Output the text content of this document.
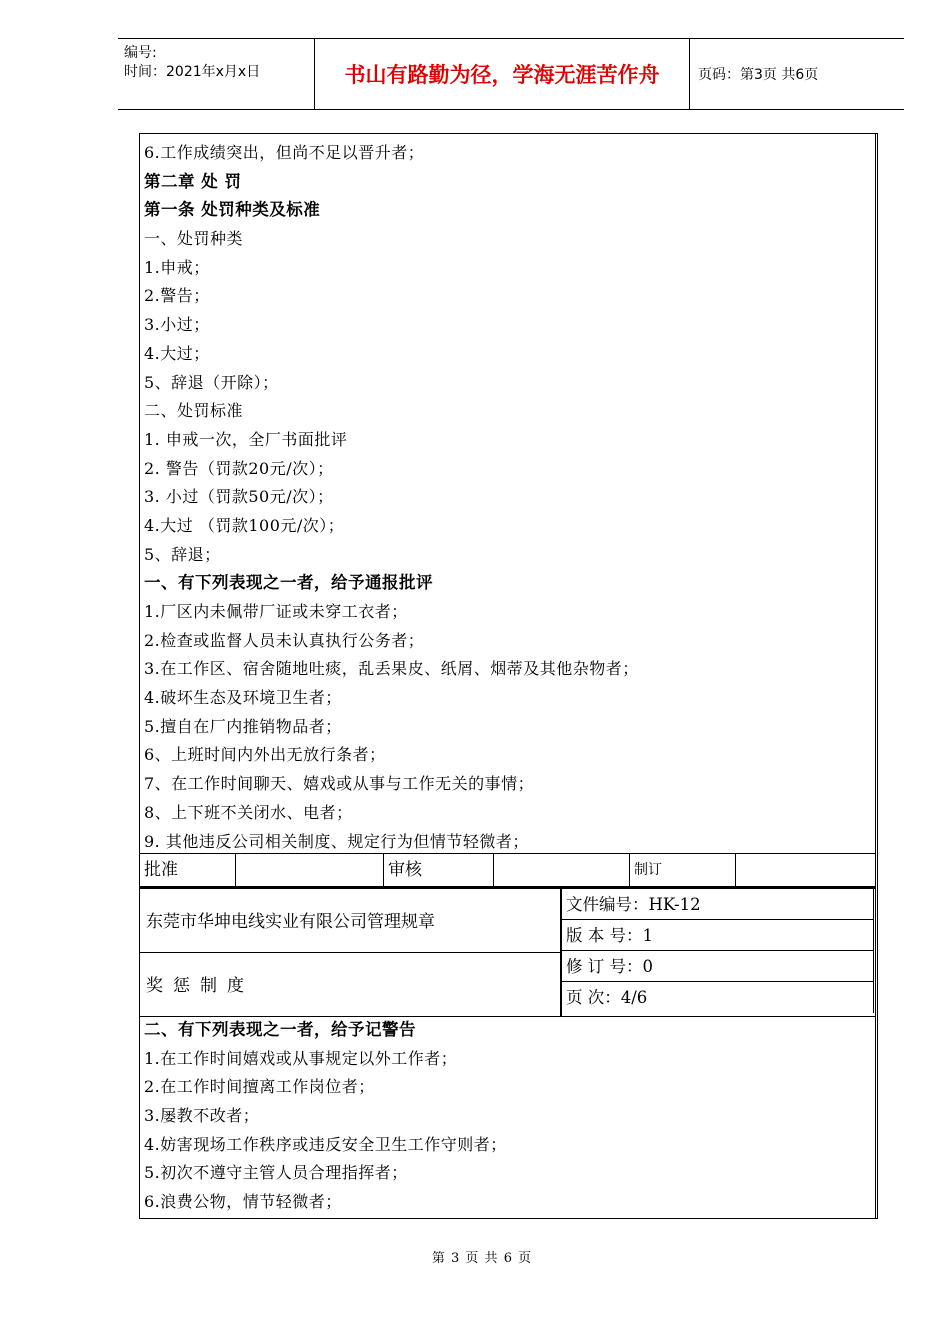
编号:
时间：2021年x月x日	书山有路勤为径，学海无涯苦作舟	页码：第3页 共6页
6.工作成绩突出，但尚不足以晋升者；
第二章 处 罚
第一条 处罚种类及标准
一、处罚种类
1.申戒；
2.警告；
3.小过；
4.大过；
5、辞退（开除）；
二、处罚标准
1. 申戒一次，全厂书面批评
2. 警告（罚款20元/次）；
3. 小过（罚款50元/次）；
4.大过 （罚款100元/次）；
5、辞退；
一、有下列表现之一者，给予通报批评
1.厂区内未佩带厂证或未穿工衣者；
2.检查或监督人员未认真执行公务者；
3.在工作区、宿舍随地吐痰，乱丢果皮、纸屑、烟蒂及其他杂物者；
4.破坏生态及环境卫生者；
5.擅自在厂内推销物品者；
6、上班时间内外出无放行条者；
7、在工作时间聊天、嬉戏或从事与工作无关的事情；
8、上下班不关闭水、电者；
9. 其他违反公司相关制度、规定行为但情节轻微者；
批准	审核	制订
东莞市华坤电线实业有限公司管理规章
奖惩制度
文件编号：HK-12
版 本 号：1
修 订 号：0
页 次：4/6
二、有下列表现之一者，给予记警告
1.在工作时间嬉戏或从事规定以外工作者；
2.在工作时间擅离工作岗位者；
3.屡教不改者；
4.妨害现场工作秩序或违反安全卫生工作守则者；
5.初次不遵守主管人员合理指挥者；
6.浪费公物，情节轻微者；
第 3 页 共 6 页
